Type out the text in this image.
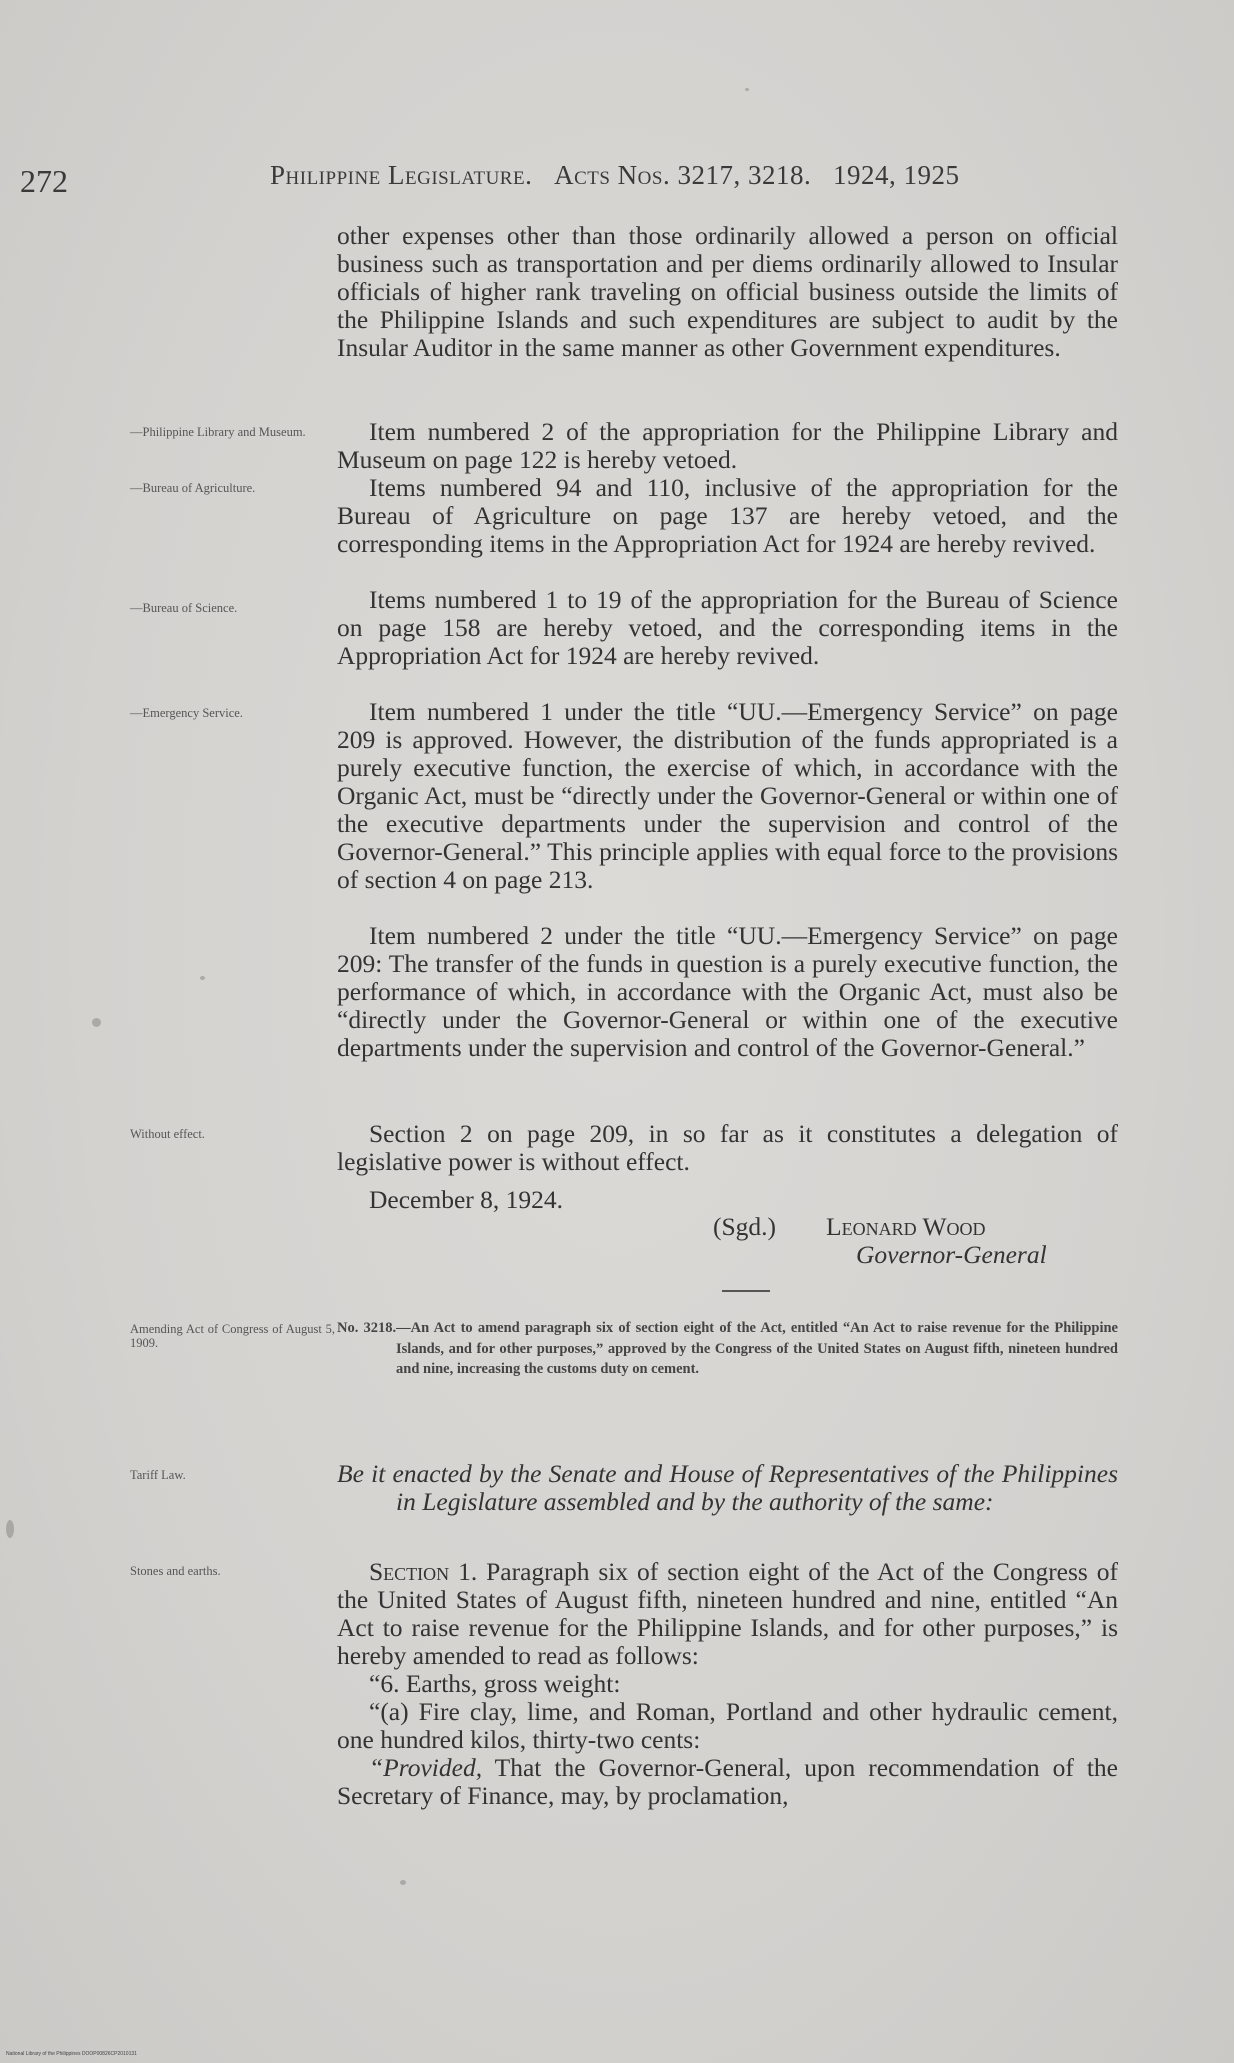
272	Philippine Legislature. Acts Nos. 3217, 3218. 1924, 1925

other expenses other than those ordinarily allowed a person on official business such as transportation and per diems ordinarily allowed to Insular officials of higher rank traveling on official business outside the limits of the Philippine Islands and such expenditures are subject to audit by the Insular Auditor in the same manner as other Government expenditures.

—Philippine Library and Museum.	Item numbered 2 of the appropriation for the Philippine Library and Museum on page 122 is hereby vetoed.

—Bureau of Agriculture.	Items numbered 94 and 110, inclusive of the appropriation for the Bureau of Agriculture on page 137 are hereby vetoed, and the corresponding items in the Appropriation Act for 1924 are hereby revived.

—Bureau of Science.	Items numbered 1 to 19 of the appropriation for the Bureau of Science on page 158 are hereby vetoed, and the corresponding items in the Appropriation Act for 1924 are hereby revived.

—Emergency Service.	Item numbered 1 under the title “UU.—Emergency Service” on page 209 is approved. However, the distribution of the funds appropriated is a purely executive function, the exercise of which, in accordance with the Organic Act, must be “directly under the Governor-General or within one of the executive departments under the supervision and control of the Governor-General.” This principle applies with equal force to the provisions of section 4 on page 213.

Item numbered 2 under the title “UU.—Emergency Service” on page 209: The transfer of the funds in question is a purely executive function, the performance of which, in accordance with the Organic Act, must also be “directly under the Governor-General or within one of the executive departments under the supervision and control of the Governor-General.”

Without effect.	Section 2 on page 209, in so far as it constitutes a delegation of legislative power is without effect.

December 8, 1924.
(Sgd.) Leonard Wood
Governor-General
Amending Act of Congress of August 5, 1909.
No. 3218.—An Act to amend paragraph six of section eight of the Act, entitled “An Act to raise revenue for the Philippine Islands, and for other purposes,” approved by the Congress of the United States on August fifth, nineteen hundred and nine, increasing the customs duty on cement.
Tariff Law.	Be it enacted by the Senate and House of Representatives of the Philippines in Legislature assembled and by the authority of the same:
Stones and earths.	Section 1. Paragraph six of section eight of the Act of the Congress of the United States of August fifth, nineteen hundred and nine, entitled “An Act to raise revenue for the Philippine Islands, and for other purposes,” is hereby amended to read as follows:

“6. Earths, gross weight:

“(a) Fire clay, lime, and Roman, Portland and other hydraulic cement, one hundred kilos, thirty-two cents:

“Provided, That the Governor-General, upon recommendation of the Secretary of Finance, may, by proclamation,

National Library of the Philippines DOOP00826CP2010131
